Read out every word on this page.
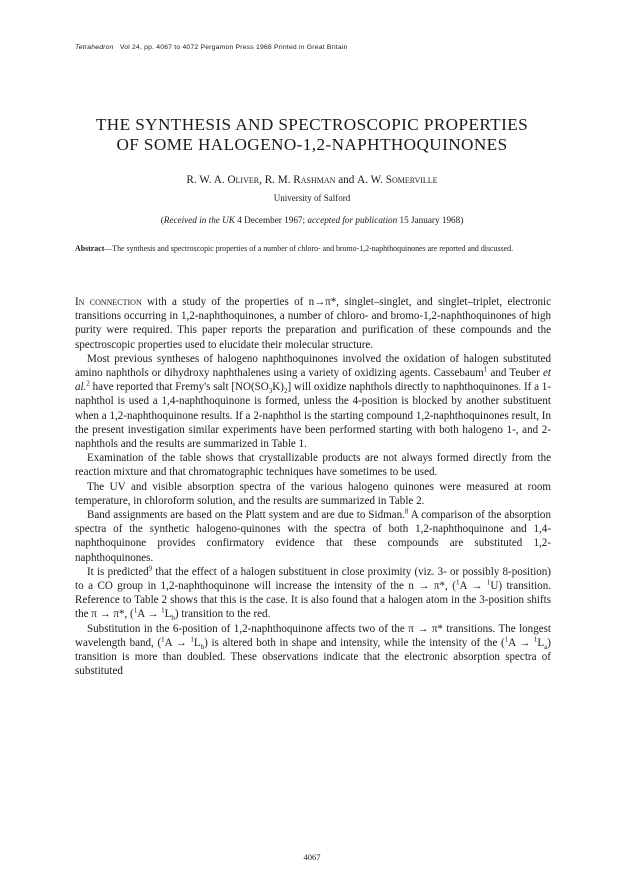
Tetrahedron Vol 24, pp. 4067 to 4072 Pergamon Press 1968 Printed in Great Britain
THE SYNTHESIS AND SPECTROSCOPIC PROPERTIES
OF SOME HALOGENO-1,2-NAPHTHOQUINONES
R. W. A. Oliver, R. M. Rashman and A. W. Somerville
University of Salford
(Received in the UK 4 December 1967; accepted for publication 15 January 1968)
Abstract—The synthesis and spectroscopic properties of a number of chloro- and bromo-1,2-naphthoquinones are reported and discussed.

In connection with a study of the properties of n→π*, singlet–singlet, and singlet–triplet, electronic transitions occurring in 1,2-naphthoquinones, a number of chloro- and bromo-1,2-naphthoquinones of high purity were required. This paper reports the preparation and purification of these compounds and the spectroscopic properties used to elucidate their molecular structure.

Most previous syntheses of halogeno naphthoquinones involved the oxidation of halogen substituted amino naphthols or dihydroxy naphthalenes using a variety of oxidizing agents. Cassebaum$^1$ and Teuber et al.$^2$ have reported that Fremy's salt $[NO(SO_3K)_2]$ will oxidize naphthols directly to naphthoquinones. If a 1-naphthol is used a 1,4-naphthoquinone is formed, unless the 4-position is blocked by another substituent when a 1,2-naphthoquinone results. If a 2-naphthol is the starting compound 1,2-naphthoquinones result, In the present investigation similar experiments have been performed starting with both halogeno 1-, and 2-naphthols and the results are summarized in Table 1.

Examination of the table shows that crystallizable products are not always formed directly from the reaction mixture and that chromatographic techniques have sometimes to be used.

The UV and visible absorption spectra of the various halogeno quinones were measured at room temperature, in chloroform solution, and the results are summarized in Table 2.

Band assignments are based on the Platt system and are due to Sidman.$^8$ A comparison of the absorption spectra of the synthetic halogeno-quinones with the spectra of both 1,2-naphthoquinone and 1,4-naphthoquinone provides confirmatory evidence that these compounds are substituted 1,2-naphthoquinones.

It is predicted$^9$ that the effect of a halogen substituent in close proximity (viz. 3- or possibly 8-position) to a CO group in 1,2-naphthoquinone will increase the intensity of the n → π*, ($^1$A → $^1$U) transition. Reference to Table 2 shows that this is the case. It is also found that a halogen atom in the 3-position shifts the π → π*, $(^1A \to ^1L_b)$ transition to the red.

Substitution in the 6-position of 1,2-naphthoquinone affects two of the π → π* transitions. The longest wavelength band, $(^1A \to ^1L_b)$ is altered both in shape and intensity, while the intensity of the $(^1A \to ^1L_a)$ transition is more than doubled. These observations indicate that the electronic absorption spectra of substituted

4067
